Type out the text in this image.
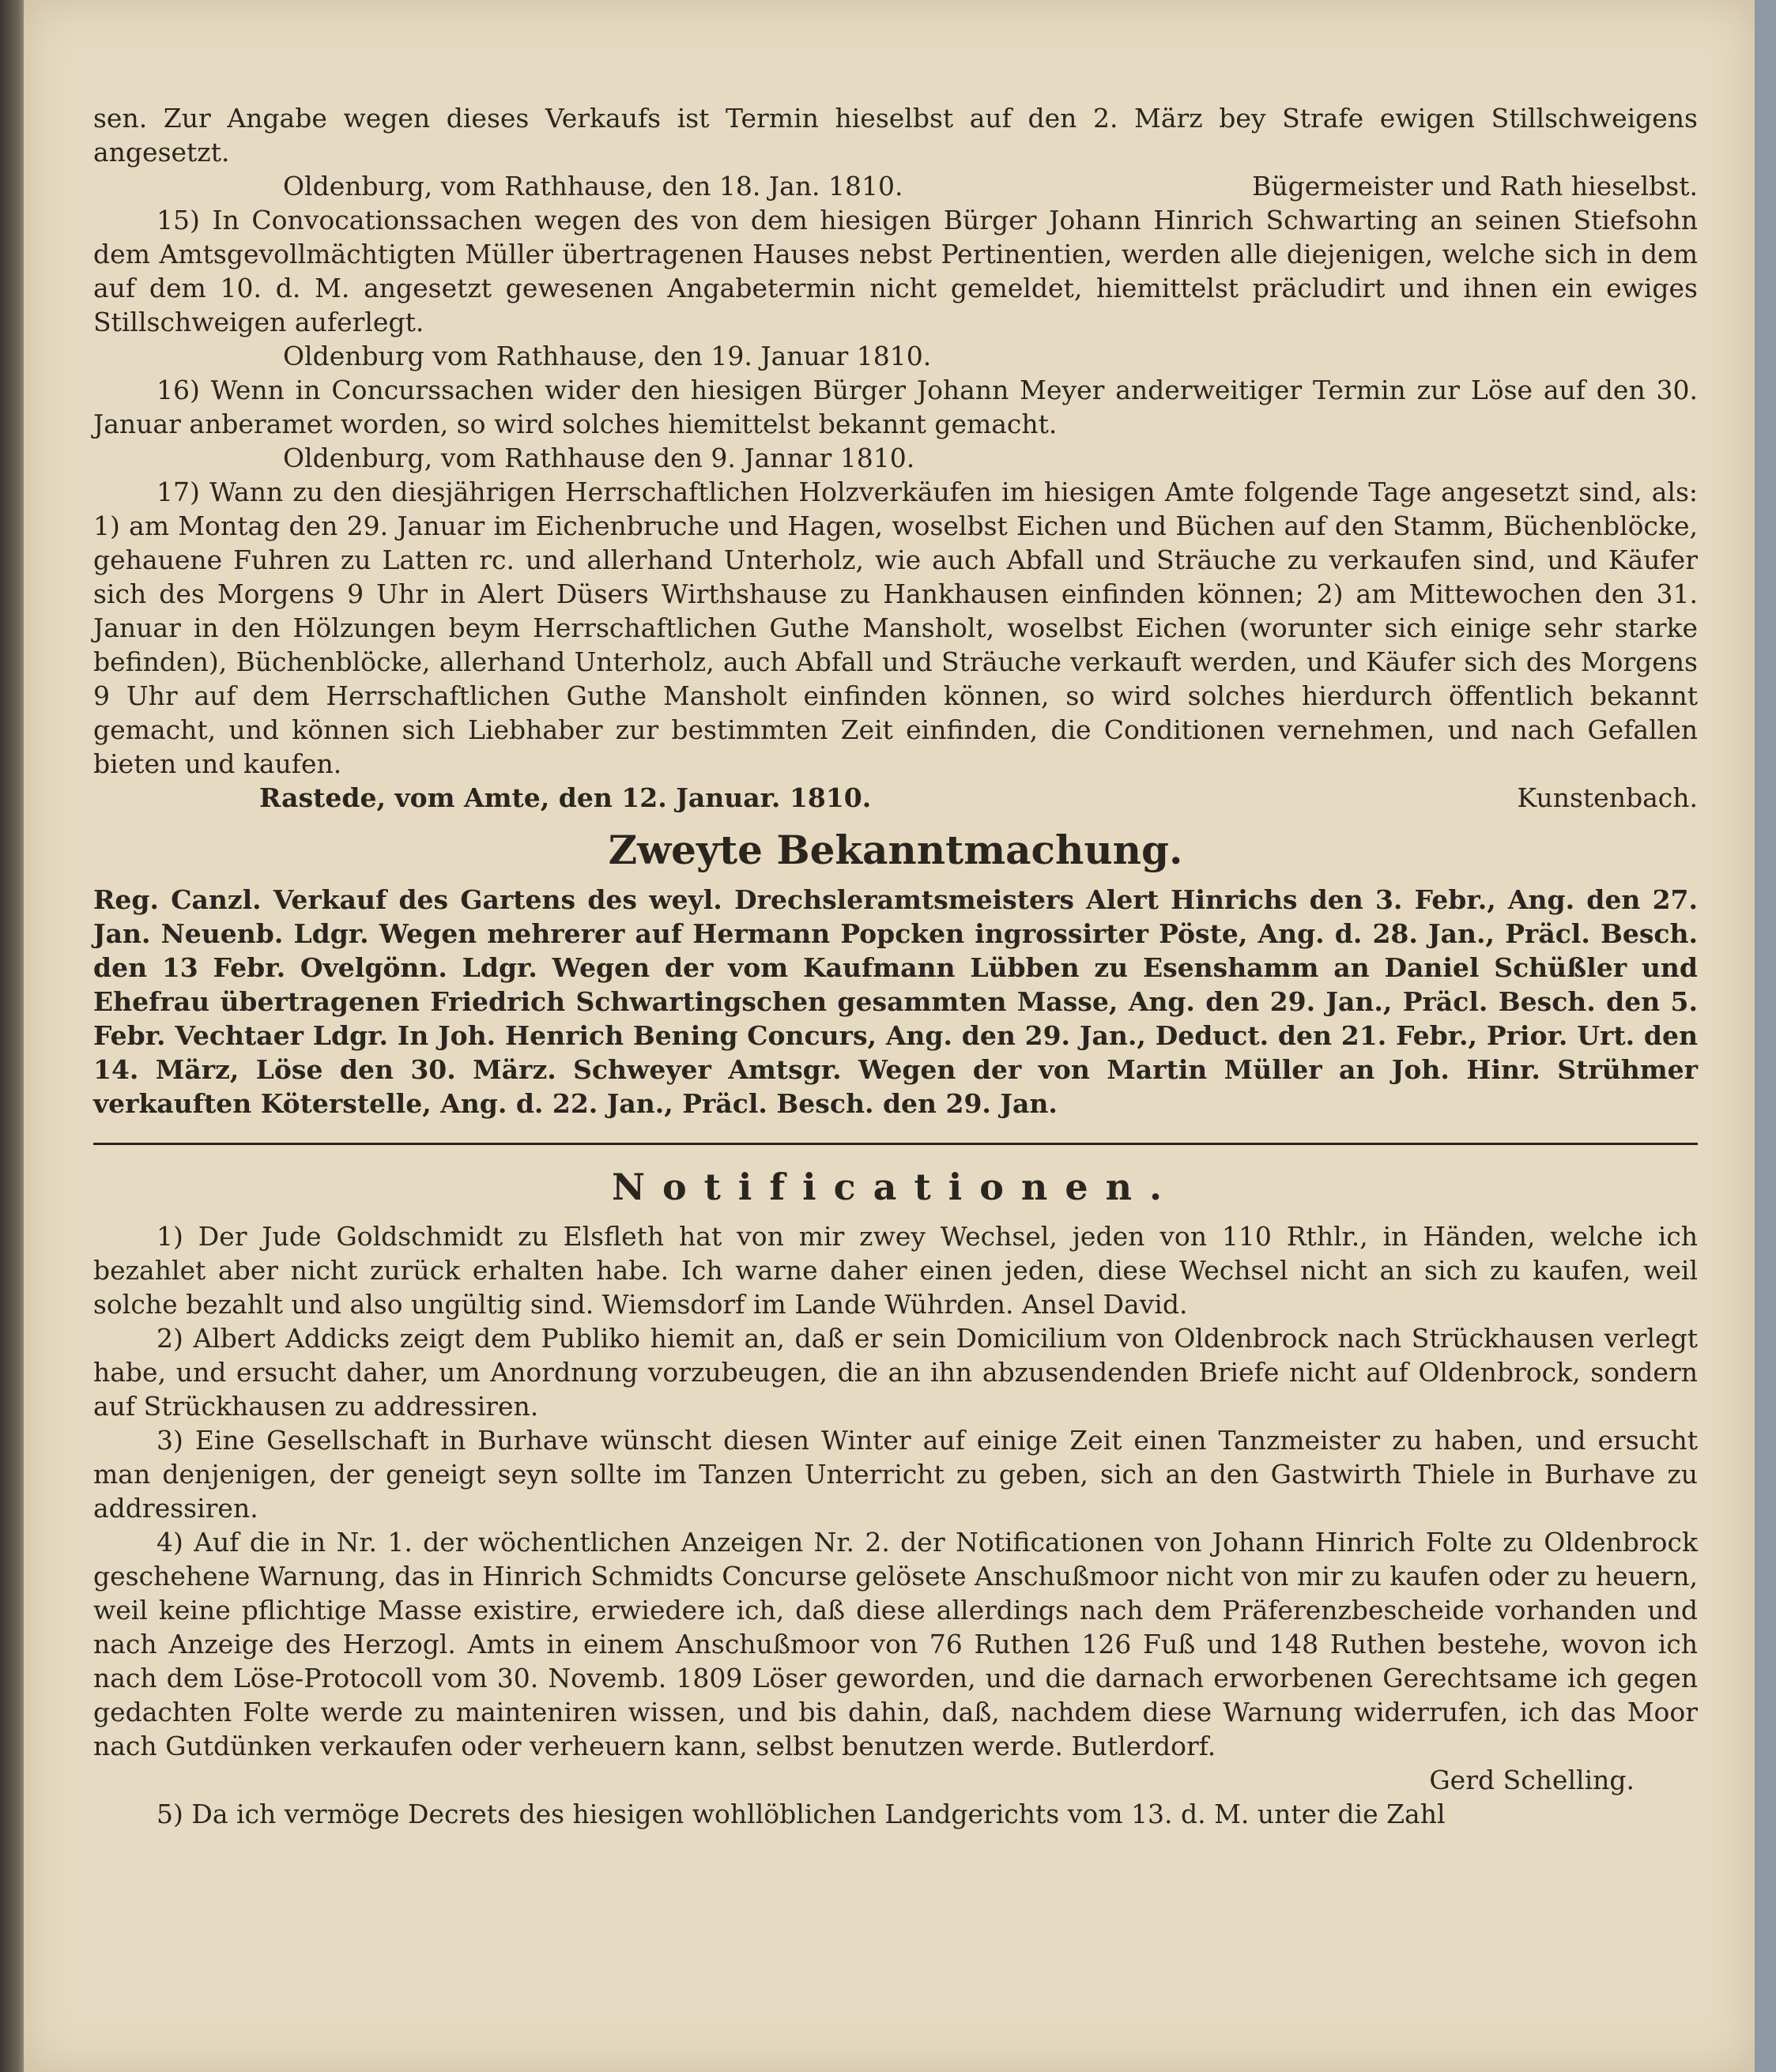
sen. Zur Angabe wegen dieses Verkaufs ist Termin hieselbst auf den 2. März bey Strafe ewigen Stillschweigens angesetzt.

Oldenburg, vom Rathhause, den 18. Jan. 1810.	Bügermeister und Rath hieselbst.

15) In Convocationssachen wegen des von dem hiesigen Bürger Johann Hinrich Schwarting an seinen Stiefsohn dem Amtsgevollmächtigten Müller übertragenen Hauses nebst Pertinentien, werden alle diejenigen, welche sich in dem auf dem 10. d. M. angesetzt gewesenen Angabetermin nicht gemeldet, hiemittelst präcludirt und ihnen ein ewiges Stillschweigen auferlegt.

Oldenburg vom Rathhause, den 19. Januar 1810.

16) Wenn in Concurssachen wider den hiesigen Bürger Johann Meyer anderweitiger Termin zur Löse auf den 30. Januar anberamet worden, so wird solches hiemittelst bekannt gemacht.

Oldenburg, vom Rathhause den 9. Jannar 1810.

17) Wann zu den diesjährigen Herrschaftlichen Holzverkäufen im hiesigen Amte folgende Tage angesetzt sind, als: 1) am Montag den 29. Januar im Eichenbruche und Hagen, woselbst Eichen und Büchen auf den Stamm, Büchenblöcke, gehauene Fuhren zu Latten rc. und allerhand Unterholz, wie auch Abfall und Sträuche zu verkaufen sind, und Käufer sich des Morgens 9 Uhr in Alert Düsers Wirthshause zu Hankhausen einfinden können; 2) am Mittewochen den 31. Januar in den Hölzungen beym Herrschaftlichen Guthe Mansholt, woselbst Eichen (worunter sich einige sehr starke befinden), Büchenblöcke, allerhand Unterholz, auch Abfall und Sträuche verkauft werden, und Käufer sich des Morgens 9 Uhr auf dem Herrschaftlichen Guthe Mansholt einfinden können, so wird solches hierdurch öffentlich bekannt gemacht, und können sich Liebhaber zur bestimmten Zeit einfinden, die Conditionen vernehmen, und nach Gefallen bieten und kaufen.

Rastede, vom Amte, den 12. Januar. 1810.	Kunstenbach.
Zweyte Bekanntmachung.

Reg. Canzl. Verkauf des Gartens des weyl. Drechsleramtsmeisters Alert Hinrichs den 3. Febr., Ang. den 27. Jan. Neuenb. Ldgr. Wegen mehrerer auf Hermann Popcken ingrossirter Pöste, Ang. d. 28. Jan., Präcl. Besch. den 13 Febr. Ovelgönn. Ldgr. Wegen der vom Kaufmann Lübben zu Esenshamm an Daniel Schüßler und Ehefrau übertragenen Friedrich Schwartingschen gesammten Masse, Ang. den 29. Jan., Präcl. Besch. den 5. Febr. Vechtaer Ldgr. In Joh. Henrich Bening Concurs, Ang. den 29. Jan., Deduct. den 21. Febr., Prior. Urt. den 14. März, Löse den 30. März. Schweyer Amtsgr. Wegen der von Martin Müller an Joh. Hinr. Strühmer verkauften Köterstelle, Ang. d. 22. Jan., Präcl. Besch. den 29. Jan.

Notificationen.

1) Der Jude Goldschmidt zu Elsfleth hat von mir zwey Wechsel, jeden von 110 Rthlr., in Händen, welche ich bezahlet aber nicht zurück erhalten habe. Ich warne daher einen jeden, diese Wechsel nicht an sich zu kaufen, weil solche bezahlt und also ungültig sind. Wiemsdorf im Lande Wührden. Ansel David.

2) Albert Addicks zeigt dem Publiko hiemit an, daß er sein Domicilium von Oldenbrock nach Strückhausen verlegt habe, und ersucht daher, um Anordnung vorzubeugen, die an ihn abzusendenden Briefe nicht auf Oldenbrock, sondern auf Strückhausen zu addressiren.

3) Eine Gesellschaft in Burhave wünscht diesen Winter auf einige Zeit einen Tanzmeister zu haben, und ersucht man denjenigen, der geneigt seyn sollte im Tanzen Unterricht zu geben, sich an den Gastwirth Thiele in Burhave zu addressiren.

4) Auf die in Nr. 1. der wöchentlichen Anzeigen Nr. 2. der Notificationen von Johann Hinrich Folte zu Oldenbrock geschehene Warnung, das in Hinrich Schmidts Concurse gelösete Anschußmoor nicht von mir zu kaufen oder zu heuern, weil keine pflichtige Masse existire, erwiedere ich, daß diese allerdings nach dem Präferenzbescheide vorhanden und nach Anzeige des Herzogl. Amts in einem Anschußmoor von 76 Ruthen 126 Fuß und 148 Ruthen bestehe, wovon ich nach dem Löse-Protocoll vom 30. Novemb. 1809 Löser geworden, und die darnach erworbenen Gerechtsame ich gegen gedachten Folte werde zu mainteniren wissen, und bis dahin, daß, nachdem diese Warnung widerrufen, ich das Moor nach Gutdünken verkaufen oder verheuern kann, selbst benutzen werde. Butlerdorf.

Gerd Schelling.

5) Da ich vermöge Decrets des hiesigen wohllöblichen Landgerichts vom 13. d. M. unter die Zahl
